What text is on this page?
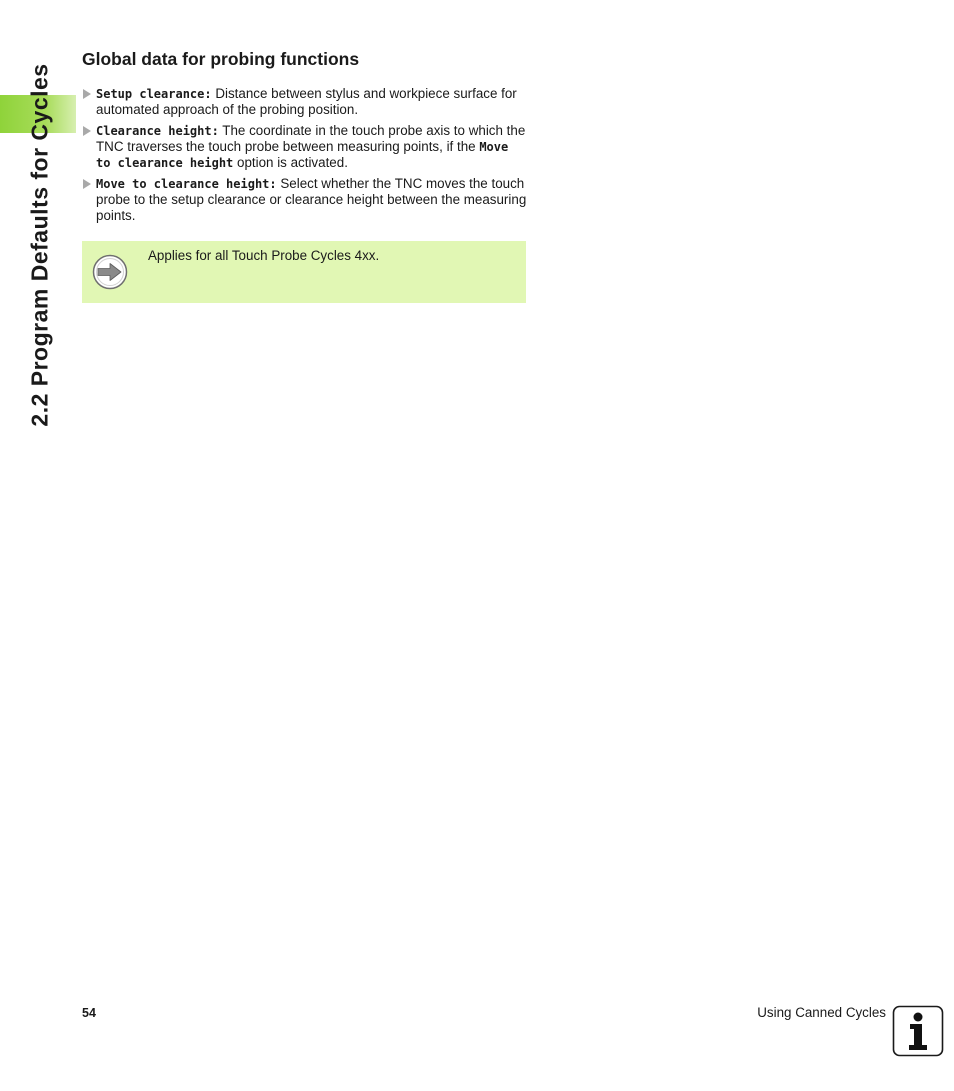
2.2 Program Defaults for Cycles
Global data for probing functions
Setup clearance: Distance between stylus and workpiece surface for automated approach of the probing position.
Clearance height: The coordinate in the touch probe axis to which the TNC traverses the touch probe between measuring points, if the Move to clearance height option is activated.
Move to clearance height: Select whether the TNC moves the touch probe to the setup clearance or clearance height between the measuring points.
Applies for all Touch Probe Cycles 4xx.
54	Using Canned Cycles
